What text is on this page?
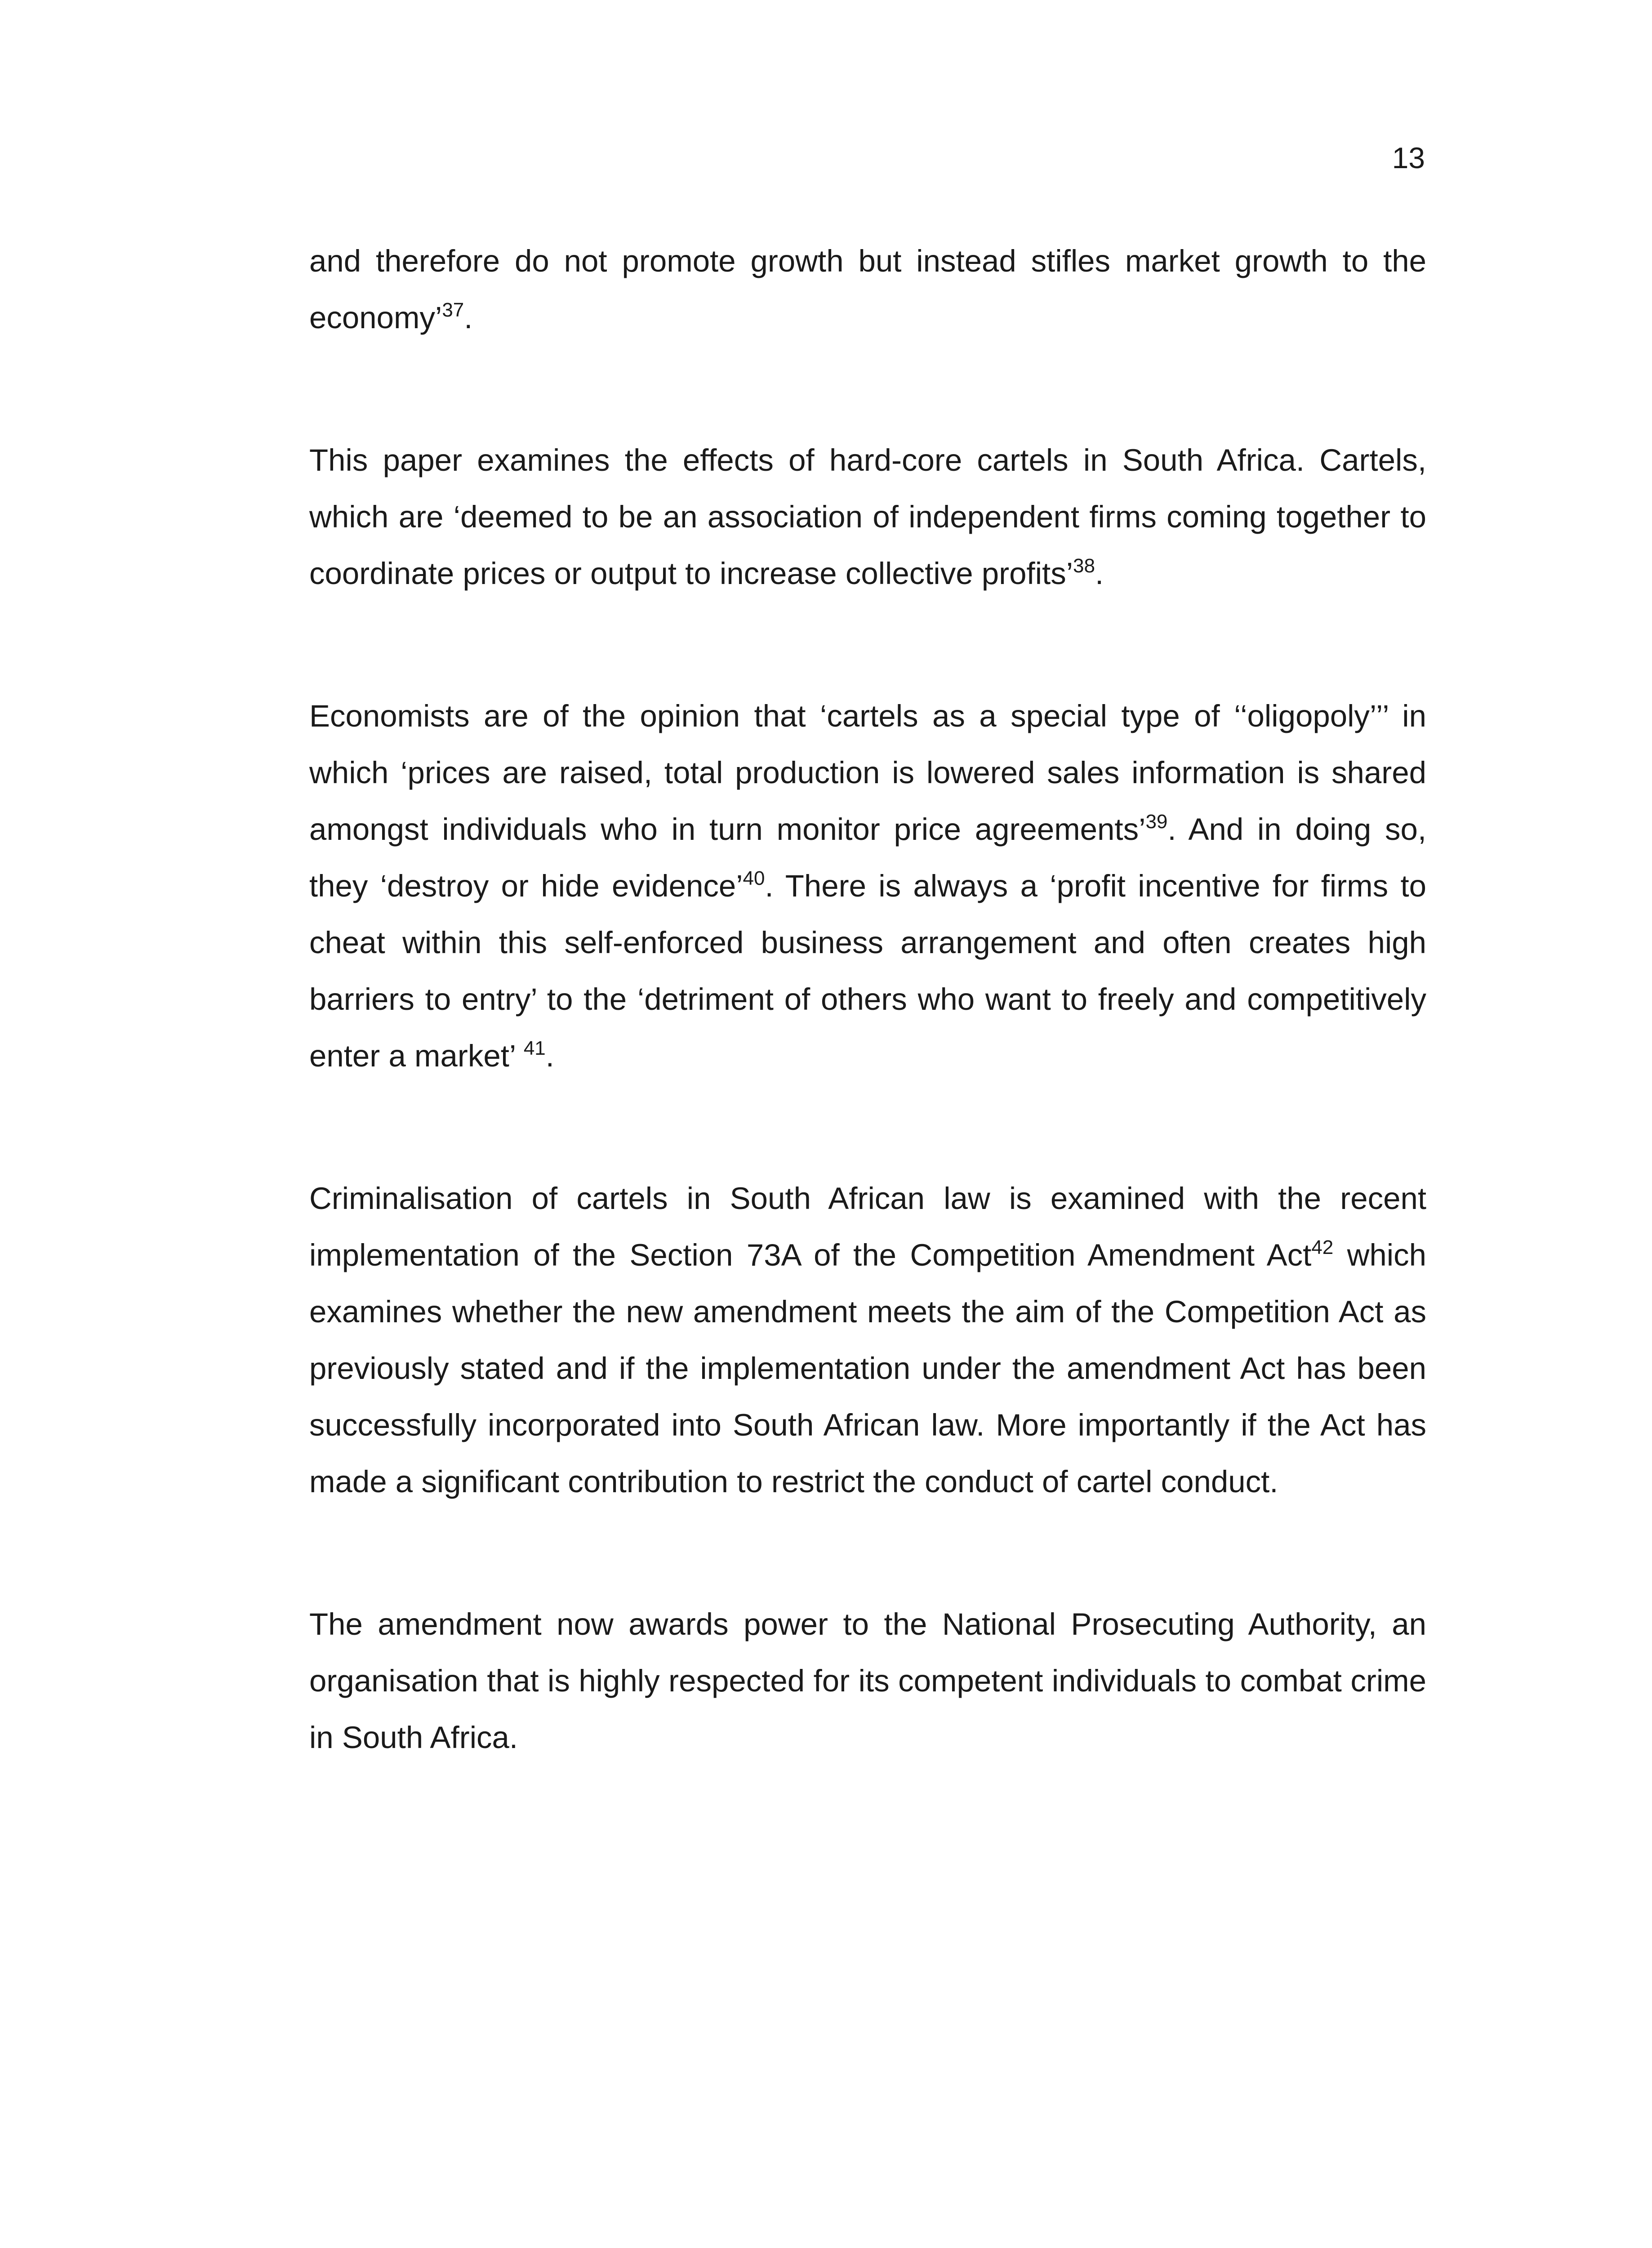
13

and therefore do not promote growth but instead stifles market growth to the economy’$^{37}$.

This paper examines the effects of hard-core cartels in South Africa. Cartels, which are ‘deemed to be an association of independent firms coming together to coordinate prices or output to increase collective profits’$^{38}$.

Economists are of the opinion that ‘cartels as a special type of ‘‘oligopoly’’’ in which ‘prices are raised, total production is lowered sales information is shared amongst individuals who in turn monitor price agreements’$^{39}$. And in doing so, they ‘destroy or hide evidence’$^{40}$. There is always a ‘profit incentive for firms to cheat within this self-enforced business arrangement and often creates high barriers to entry’ to the ‘detriment of others who want to freely and competitively enter a market’ $^{41}$.

Criminalisation of cartels in South African law is examined with the recent implementation of the Section 73A of the Competition Amendment Act$^{42}$ which examines whether the new amendment meets the aim of the Competition Act as previously stated and if the implementation under the amendment Act has been successfully incorporated into South African law. More importantly if the Act has made a significant contribution to restrict the conduct of cartel conduct.

The amendment now awards power to the National Prosecuting Authority, an organisation that is highly respected for its competent individuals to combat crime in South Africa.
